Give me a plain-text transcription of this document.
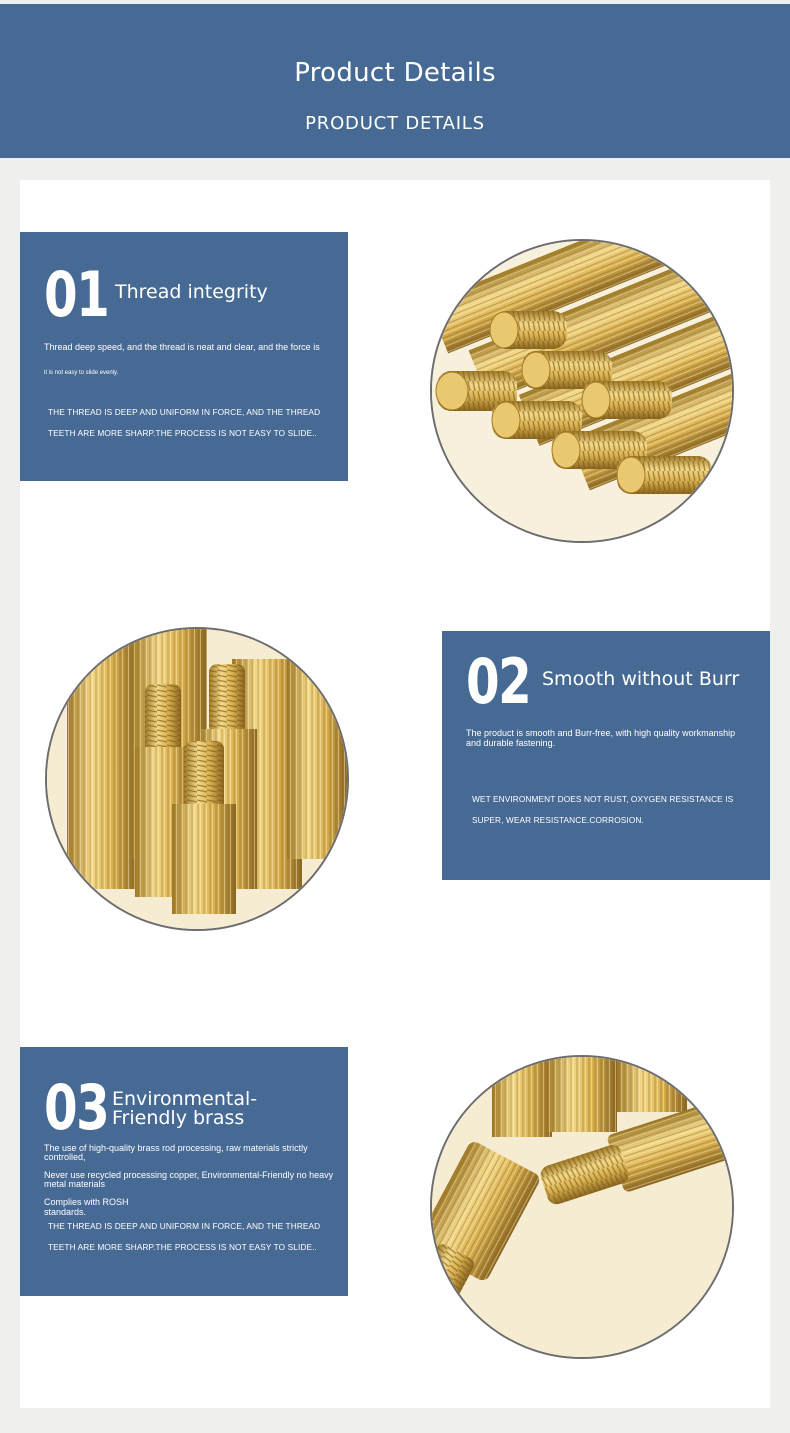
Product Details
PRODUCT DETAILS
01 Thread integrity
Thread deep speed, and the thread is neat and clear, and the force is
it is not easy to slide evenly.
THE THREAD IS DEEP AND UNIFORM IN FORCE, AND THE THREAD
TEETH ARE MORE SHARP.THE PROCESS IS NOT EASY TO SLIDE..
02 Smooth without Burr
The product is smooth and Burr-free, with high quality workmanship
and durable fastening.
WET ENVIRONMENT DOES NOT RUST, OXYGEN RESISTANCE IS
SUPER, WEAR RESISTANCE.CORROSION.
03 Environmental-
Friendly brass
The use of high-quality brass rod processing, raw materials strictly
controlled,
Never use recycled processing copper, Environmental-Friendly no heavy
metal materials
Complies with ROSH
standards.
THE THREAD IS DEEP AND UNIFORM IN FORCE, AND THE THREAD
TEETH ARE MORE SHARP.THE PROCESS IS NOT EASY TO SLIDE..
